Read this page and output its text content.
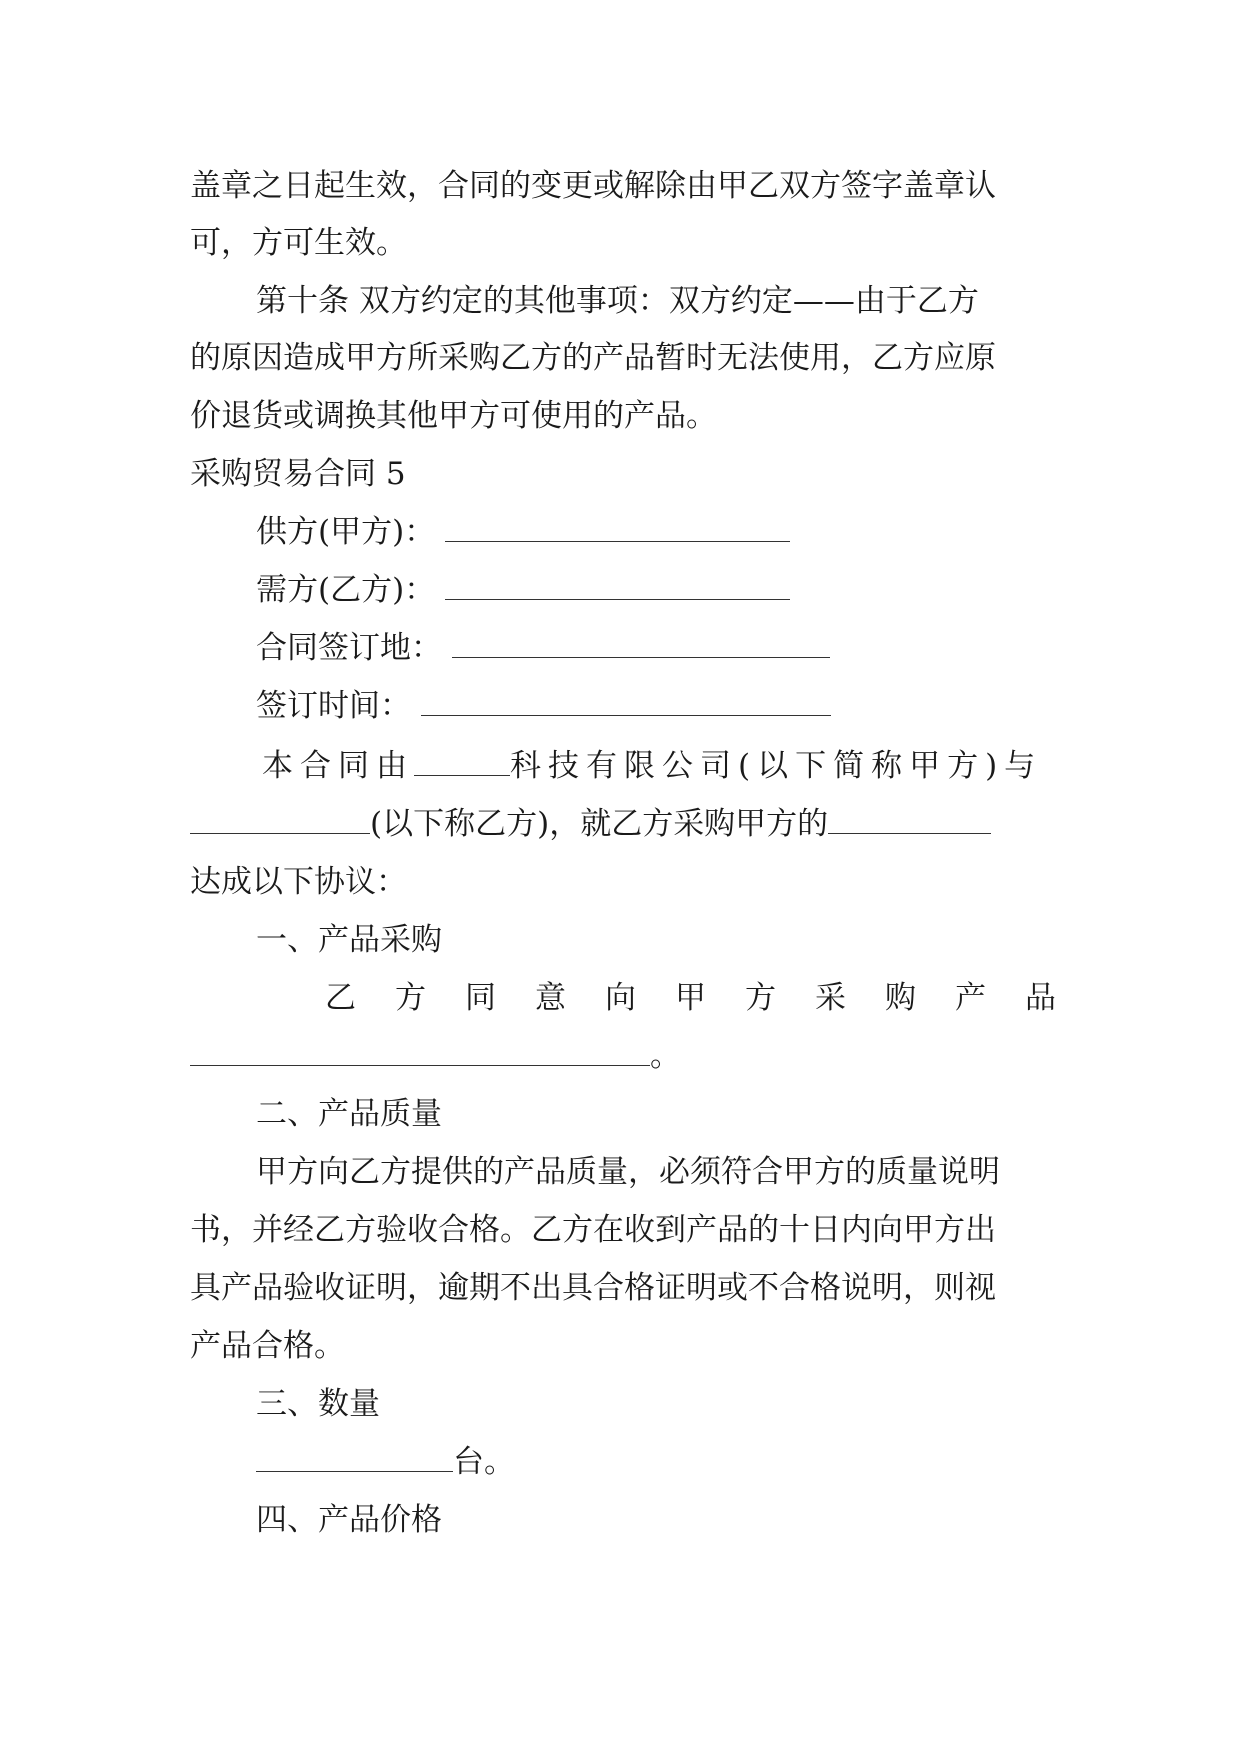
盖章之日起生效，合同的变更或解除由甲乙双方签字盖章认
可，方可生效。
第十条 双方约定的其他事项：双方约定——由于乙方
的原因造成甲方所采购乙方的产品暂时无法使用，乙方应原
价退货或调换其他甲方可使用的产品。
采购贸易合同 5
供方(甲方)：
需方(乙方)：
合同签订地：
签订时间：
本合同由	科技有限公司(以下简称甲方)与
(以下称乙方)，就乙方采购甲方的
达成以下协议：
一、产品采购
乙方同意向甲方采购产品
。
二、产品质量
甲方向乙方提供的产品质量，必须符合甲方的质量说明
书，并经乙方验收合格。乙方在收到产品的十日内向甲方出
具产品验收证明，逾期不出具合格证明或不合格说明，则视
产品合格。
三、数量
台。
四、产品价格
